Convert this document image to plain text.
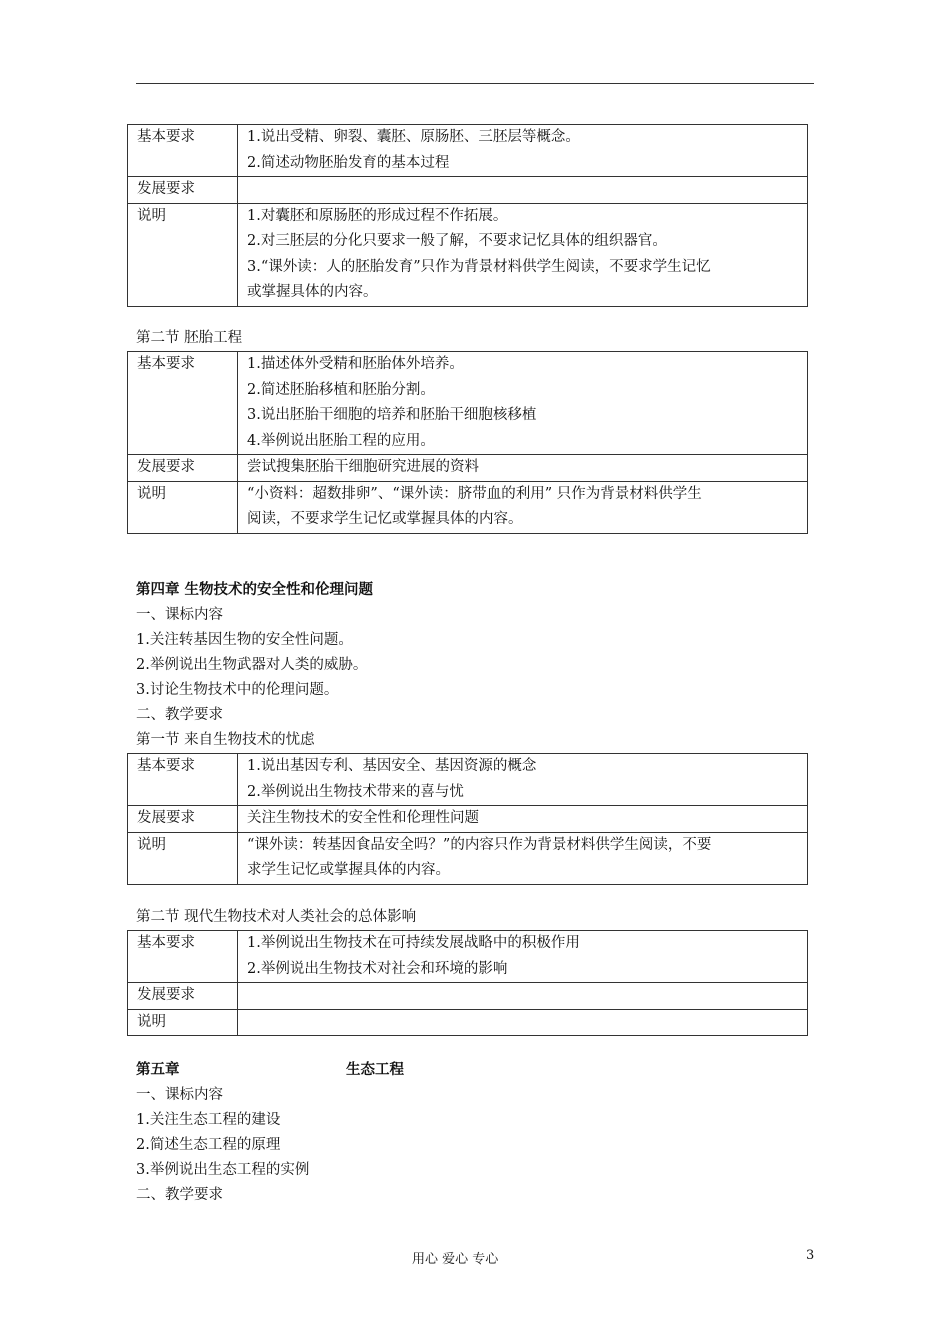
基本要求	1.说出受精、卵裂、囊胚、原肠胚、三胚层等概念。
2.简述动物胚胎发育的基本过程

发展要求	
说明	1.对囊胚和原肠胚的形成过程不作拓展。
2.对三胚层的分化只要求一般了解，不要求记忆具体的组织器官。
3.“课外读：人的胚胎发育”只作为背景材料供学生阅读，不要求学生记忆
或掌握具体的内容。
第二节 胚胎工程
基本要求	1.描述体外受精和胚胎体外培养。
2.简述胚胎移植和胚胎分割。
3.说出胚胎干细胞的培养和胚胎干细胞核移植
4.举例说出胚胎工程的应用。

发展要求	尝试搜集胚胎干细胞研究进展的资料

说明	“小资料：超数排卵”、“课外读：脐带血的利用” 只作为背景材料供学生
阅读，不要求学生记忆或掌握具体的内容。
第四章 生物技术的安全性和伦理问题
一、课标内容
1.关注转基因生物的安全性问题。
2.举例说出生物武器对人类的威胁。
3.讨论生物技术中的伦理问题。
二、教学要求
第一节 来自生物技术的忧虑
基本要求	1.说出基因专利、基因安全、基因资源的概念
2.举例说出生物技术带来的喜与忧

发展要求	关注生物技术的安全性和伦理性问题

说明	“课外读：转基因食品安全吗？”的内容只作为背景材料供学生阅读，不要
求学生记忆或掌握具体的内容。
第二节 现代生物技术对人类社会的总体影响
基本要求	1.举例说出生物技术在可持续发展战略中的积极作用
2.举例说出生物技术对社会和环境的影响

发展要求	
说明	
第五章	生态工程
一、课标内容
1.关注生态工程的建设
2.简述生态工程的原理
3.举例说出生态工程的实例
二、教学要求
用心 爱心 专心	3
